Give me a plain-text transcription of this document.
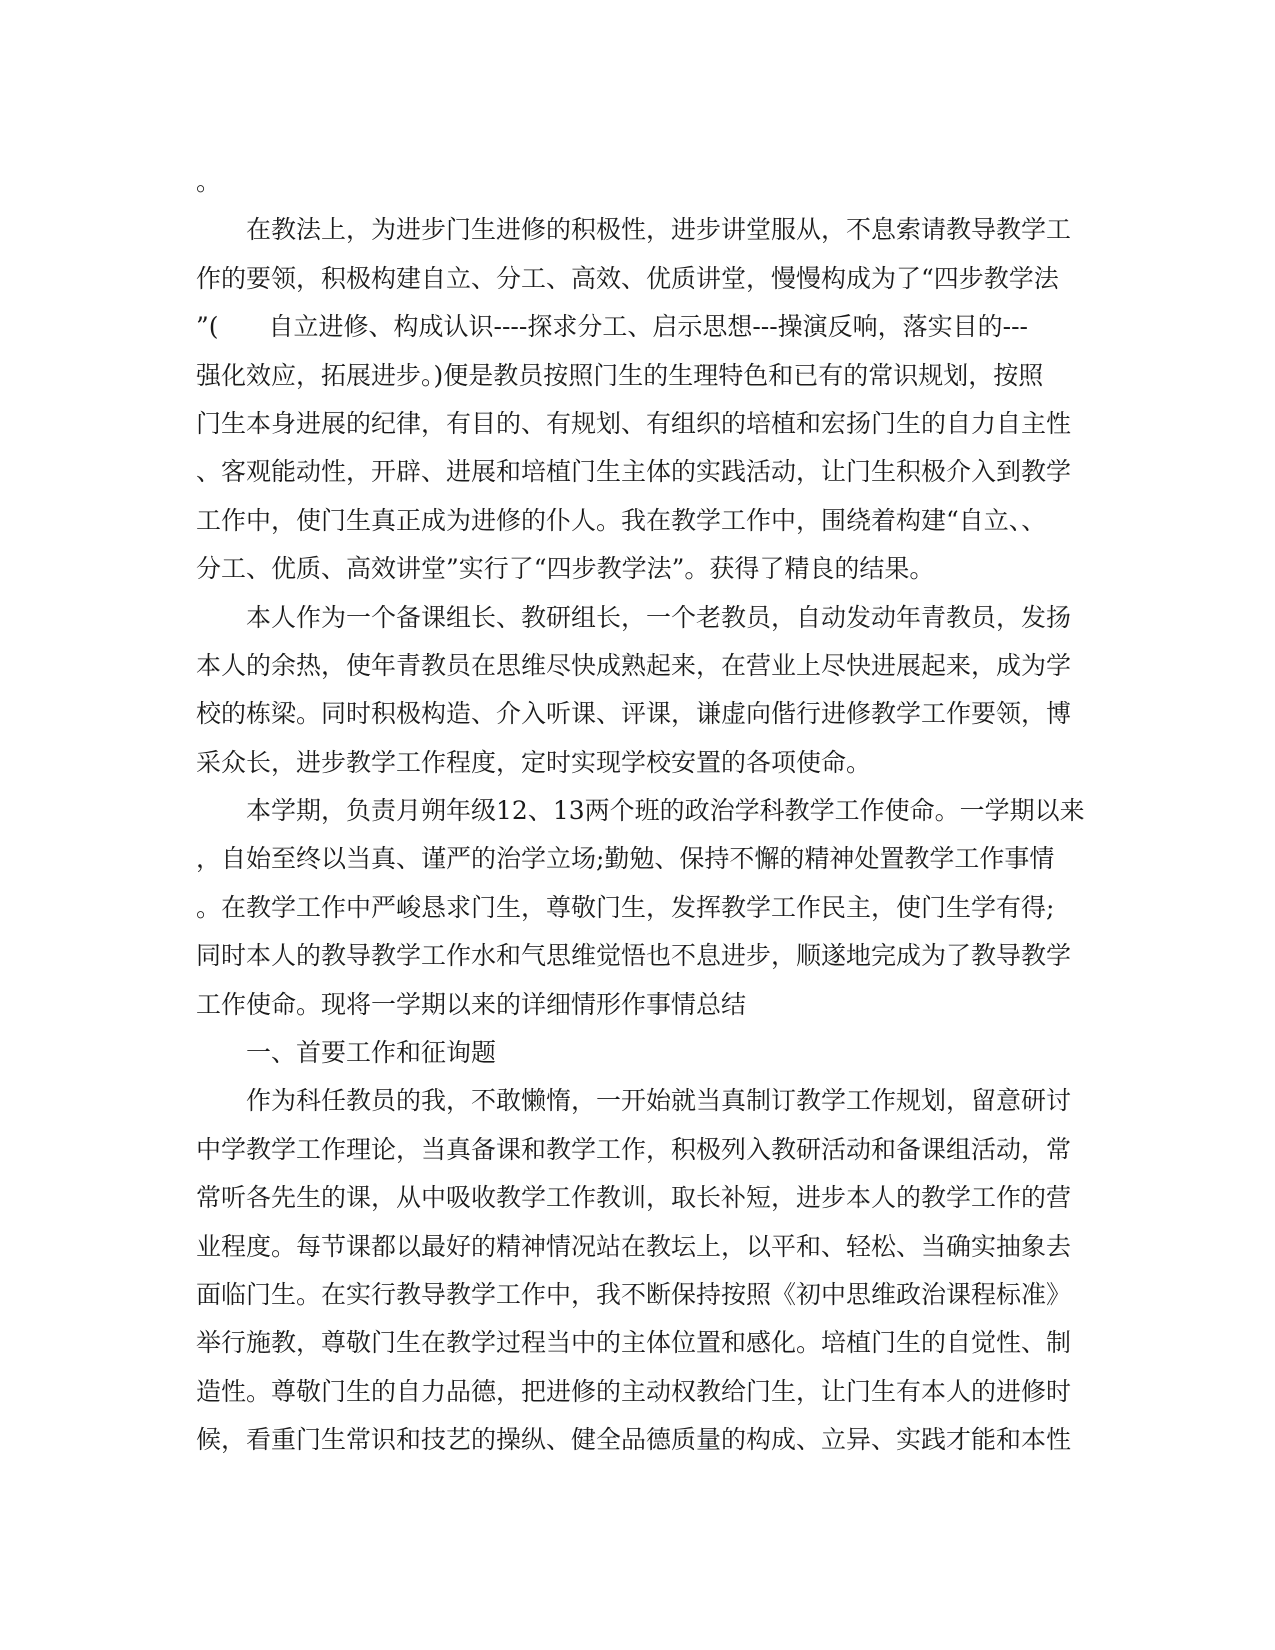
。
　　在教法上，为进步门生进修的积极性，进步讲堂服从，不息索请教导教学工
作的要领，积极构建自立、分工、高效、优质讲堂，慢慢构成为了“四步教学法
”(　　自立进修、构成认识----探求分工、启示思想---操演反响，落实目的---
强化效应，拓展进步。)便是教员按照门生的生理特色和已有的常识规划，按照
门生本身进展的纪律，有目的、有规划、有组织的培植和宏扬门生的自力自主性
、客观能动性，开辟、进展和培植门生主体的实践活动，让门生积极介入到教学
工作中，使门生真正成为进修的仆人。我在教学工作中，围绕着构建“自立、、
分工、优质、高效讲堂”实行了“四步教学法”。获得了精良的结果。
　　本人作为一个备课组长、教研组长，一个老教员，自动发动年青教员，发扬
本人的余热，使年青教员在思维尽快成熟起来，在营业上尽快进展起来，成为学
校的栋梁。同时积极构造、介入听课、评课，谦虚向偕行进修教学工作要领，博
采众长，进步教学工作程度，定时实现学校安置的各项使命。
　　本学期，负责月朔年级12、13两个班的政治学科教学工作使命。一学期以来
，自始至终以当真、谨严的治学立场;勤勉、保持不懈的精神处置教学工作事情
。在教学工作中严峻恳求门生，尊敬门生，发挥教学工作民主，使门生学有得;
同时本人的教导教学工作水和气思维觉悟也不息进步，顺遂地完成为了教导教学
工作使命。现将一学期以来的详细情形作事情总结
　　一、首要工作和征询题
　　作为科任教员的我，不敢懒惰，一开始就当真制订教学工作规划，留意研讨
中学教学工作理论，当真备课和教学工作，积极列入教研活动和备课组活动，常
常听各先生的课，从中吸收教学工作教训，取长补短，进步本人的教学工作的营
业程度。每节课都以最好的精神情况站在教坛上，以平和、轻松、当确实抽象去
面临门生。在实行教导教学工作中，我不断保持按照《初中思维政治课程标准》
举行施教，尊敬门生在教学过程当中的主体位置和感化。培植门生的自觉性、制
造性。尊敬门生的自力品德，把进修的主动权教给门生，让门生有本人的进修时
候，看重门生常识和技艺的操纵、健全品德质量的构成、立异、实践才能和本性
